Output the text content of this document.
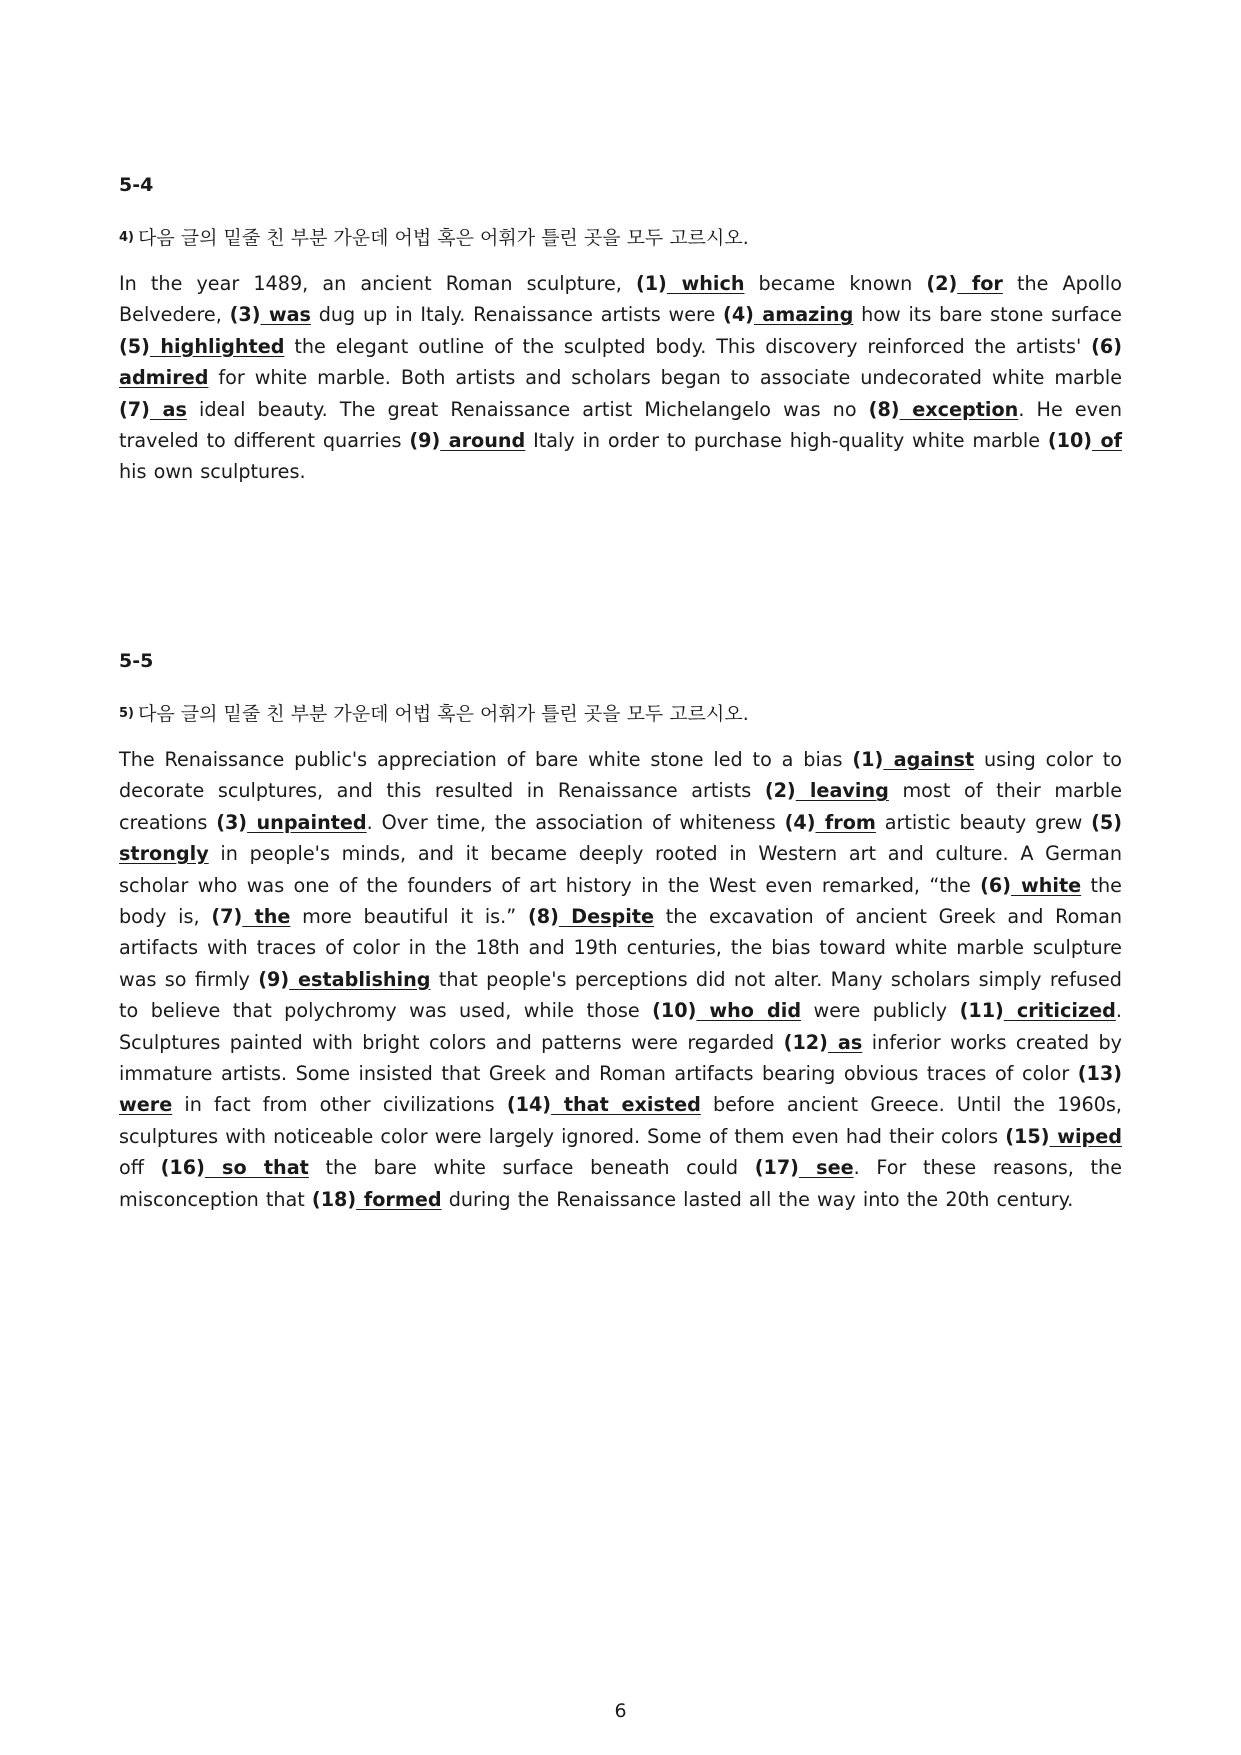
5-4

4) 다음 글의 밑줄 친 부분 가운데 어법 혹은 어휘가 틀린 곳을 모두 고르시오.

In the year 1489, an ancient Roman sculpture, (1) which became known (2) for the Apollo Belvedere, (3) was dug up in Italy. Renaissance artists were (4) amazing how its bare stone surface (5) highlighted the elegant outline of the sculpted body. This discovery reinforced the artists' (6) admired for white marble. Both artists and scholars began to associate undecorated white marble (7) as ideal beauty. The great Renaissance artist Michelangelo was no (8) exception. He even traveled to different quarries (9) around Italy in order to purchase high-quality white marble (10) of his own sculptures.

5-5

5) 다음 글의 밑줄 친 부분 가운데 어법 혹은 어휘가 틀린 곳을 모두 고르시오.

The Renaissance public's appreciation of bare white stone led to a bias (1) against using color to decorate sculptures, and this resulted in Renaissance artists (2) leaving most of their marble creations (3) unpainted. Over time, the association of whiteness (4) from artistic beauty grew (5) strongly in people's minds, and it became deeply rooted in Western art and culture. A German scholar who was one of the founders of art history in the West even remarked, “the (6) white the body is, (7) the more beautiful it is.” (8) Despite the excavation of ancient Greek and Roman artifacts with traces of color in the 18th and 19th centuries, the bias toward white marble sculpture was so firmly (9) establishing that people's perceptions did not alter. Many scholars simply refused to believe that polychromy was used, while those (10) who did were publicly (11) criticized. Sculptures painted with bright colors and patterns were regarded (12) as inferior works created by immature artists. Some insisted that Greek and Roman artifacts bearing obvious traces of color (13) were in fact from other civilizations (14) that existed before ancient Greece. Until the 1960s, sculptures with noticeable color were largely ignored. Some of them even had their colors (15) wiped off (16) so that the bare white surface beneath could (17) see. For these reasons, the misconception that (18) formed during the Renaissance lasted all the way into the 20th century.

6
